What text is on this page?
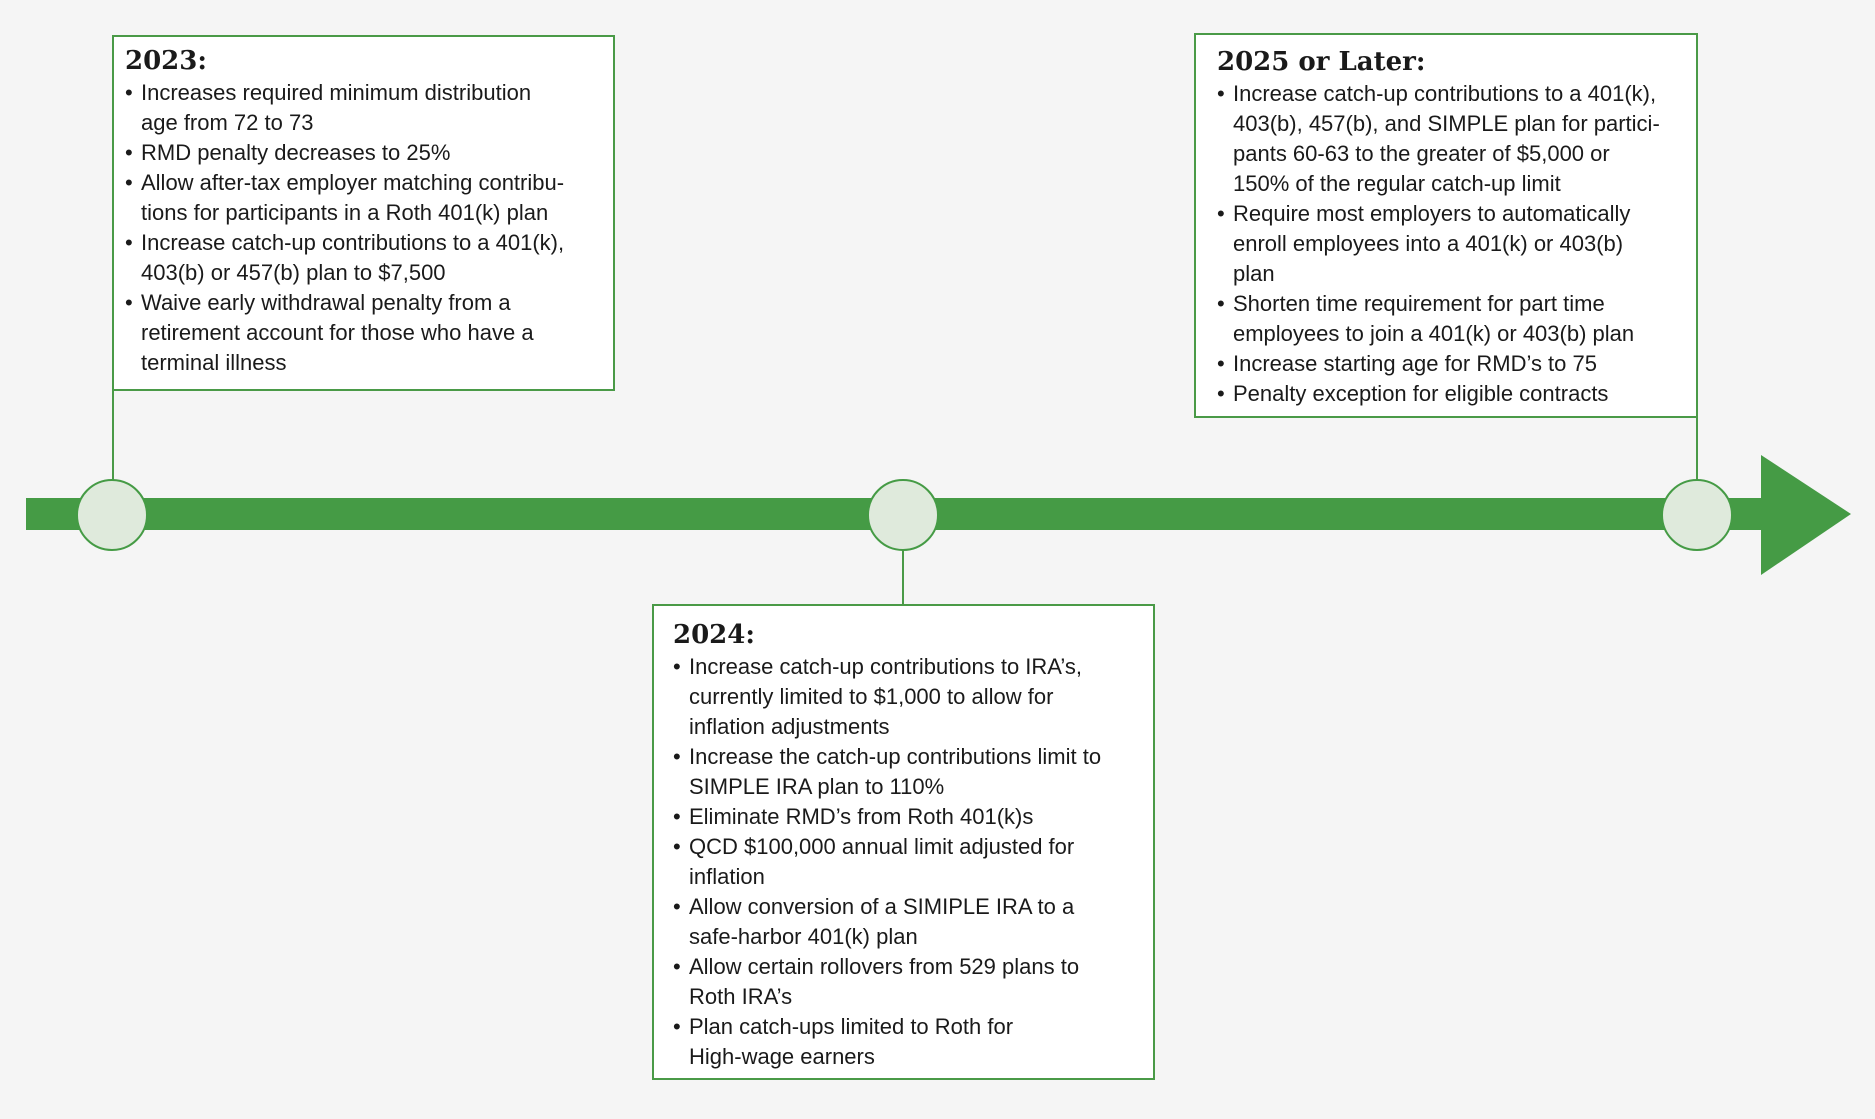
2023:
• Increases required minimum distribution
age from 72 to 73
• RMD penalty decreases to 25%
• Allow after-tax employer matching contribu-
tions for participants in a Roth 401(k) plan
• Increase catch-up contributions to a 401(k),
403(b) or 457(b) plan to $7,500
• Waive early withdrawal penalty from a
retirement account for those who have a
terminal illness
2024:
• Increase catch-up contributions to IRA’s,
currently limited to $1,000 to allow for
inflation adjustments
• Increase the catch-up contributions limit to
SIMPLE IRA plan to 110%
• Eliminate RMD’s from Roth 401(k)s
• QCD $100,000 annual limit adjusted for
inflation
• Allow conversion of a SIMIPLE IRA to a
safe-harbor 401(k) plan
• Allow certain rollovers from 529 plans to
Roth IRA’s
• Plan catch-ups limited to Roth for
High-wage earners
2025 or Later:
• Increase catch-up contributions to a 401(k),
403(b), 457(b), and SIMPLE plan for partici-
pants 60-63 to the greater of $5,000 or
150% of the regular catch-up limit
• Require most employers to automatically
enroll employees into a 401(k) or 403(b)
plan
• Shorten time requirement for part time
employees to join a 401(k) or 403(b) plan
• Increase starting age for RMD’s to 75
• Penalty exception for eligible contracts
